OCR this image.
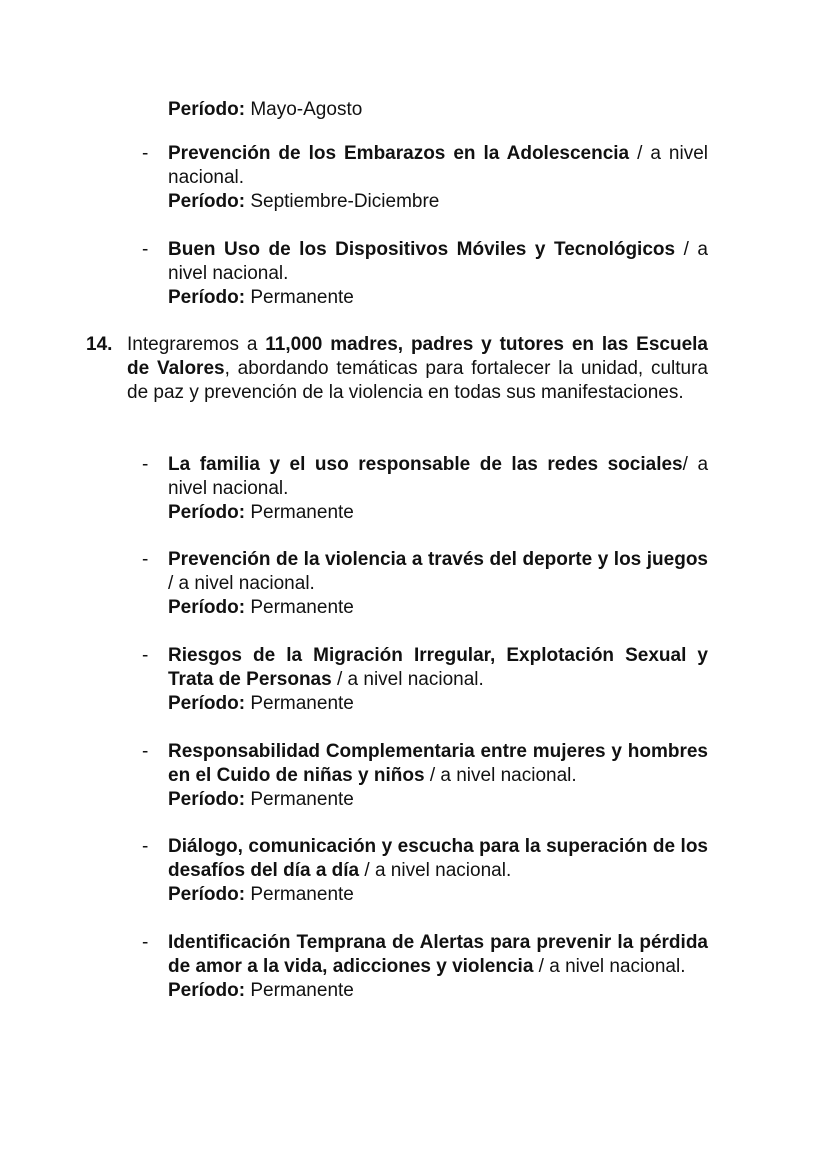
Período: Mayo-Agosto
-	Prevención de los Embarazos en la Adolescencia / a nivel nacional.
Período: Septiembre-Diciembre
-	Buen Uso de los Dispositivos Móviles y Tecnológicos / a nivel nacional.
Período: Permanente
14. Integraremos a 11,000 madres, padres y tutores en las Escuela de Valores, abordando temáticas para fortalecer la unidad, cultura de paz y prevención de la violencia en todas sus manifestaciones.
-	La familia y el uso responsable de las redes sociales/ a nivel nacional.
Período: Permanente
-	Prevención de la violencia a través del deporte y los juegos / a nivel nacional.
Período: Permanente
-	Riesgos de la Migración Irregular, Explotación Sexual y Trata de Personas / a nivel nacional.
Período: Permanente
-	Responsabilidad Complementaria entre mujeres y hombres en el Cuido de niñas y niños / a nivel nacional.
Período: Permanente
-	Diálogo, comunicación y escucha para la superación de los desafíos del día a día / a nivel nacional.
Período: Permanente
-	Identificación Temprana de Alertas para prevenir la pérdida de amor a la vida, adicciones y violencia / a nivel nacional.
Período: Permanente
